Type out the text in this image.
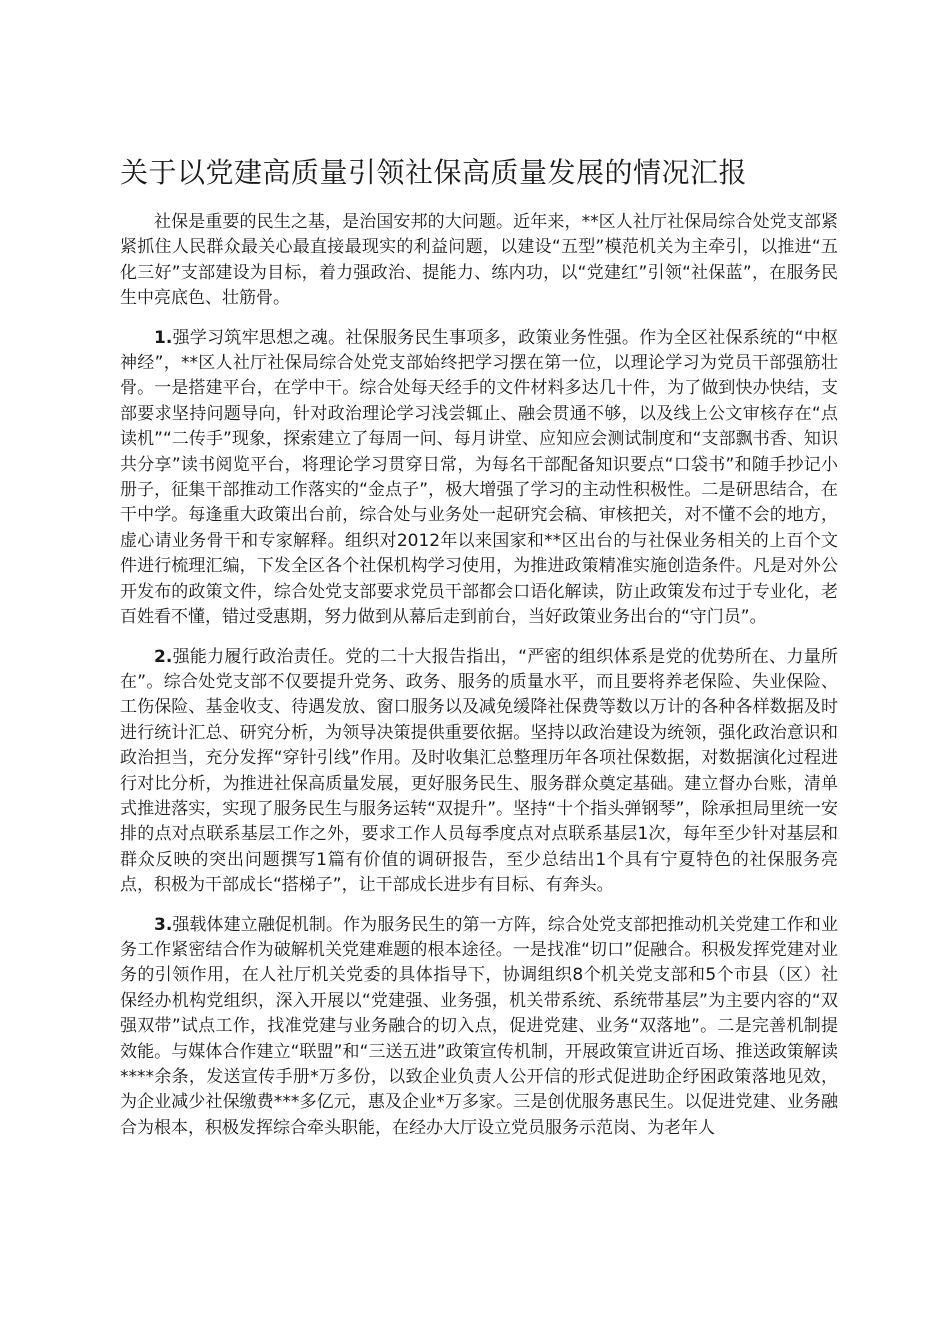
关于以党建高质量引领社保高质量发展的情况汇报

社保是重要的民生之基，是治国安邦的大问题。近年来，**区人社厅社保局综合处党支部紧紧抓住人民群众最关心最直接最现实的利益问题，以建设“五型”模范机关为主牵引，以推进“五化三好”支部建设为目标，着力强政治、提能力、练内功，以“党建红”引领“社保蓝”，在服务民生中亮底色、壮筋骨。

1.强学习筑牢思想之魂。社保服务民生事项多，政策业务性强。作为全区社保系统的“中枢神经”，**区人社厅社保局综合处党支部始终把学习摆在第一位，以理论学习为党员干部强筋壮骨。一是搭建平台，在学中干。综合处每天经手的文件材料多达几十件，为了做到快办快结，支部要求坚持问题导向，针对政治理论学习浅尝辄止、融会贯通不够，以及线上公文审核存在“点读机”“二传手”现象，探索建立了每周一问、每月讲堂、应知应会测试制度和“支部飘书香、知识共分享”读书阅览平台，将理论学习贯穿日常，为每名干部配备知识要点“口袋书”和随手抄记小册子，征集干部推动工作落实的“金点子”，极大增强了学习的主动性积极性。二是研思结合，在干中学。每逢重大政策出台前，综合处与业务处一起研究会稿、审核把关，对不懂不会的地方，虚心请业务骨干和专家解释。组织对2012年以来国家和**区出台的与社保业务相关的上百个文件进行梳理汇编，下发全区各个社保机构学习使用，为推进政策精准实施创造条件。凡是对外公开发布的政策文件，综合处党支部要求党员干部都会口语化解读，防止政策发布过于专业化，老百姓看不懂，错过受惠期，努力做到从幕后走到前台，当好政策业务出台的“守门员”。

2.强能力履行政治责任。党的二十大报告指出，“严密的组织体系是党的优势所在、力量所在”。综合处党支部不仅要提升党务、政务、服务的质量水平，而且要将养老保险、失业保险、工伤保险、基金收支、待遇发放、窗口服务以及减免缓降社保费等数以万计的各种各样数据及时进行统计汇总、研究分析，为领导决策提供重要依据。坚持以政治建设为统领，强化政治意识和政治担当，充分发挥“穿针引线”作用。及时收集汇总整理历年各项社保数据，对数据演化过程进行对比分析，为推进社保高质量发展，更好服务民生、服务群众奠定基础。建立督办台账，清单式推进落实，实现了服务民生与服务运转“双提升”。坚持“十个指头弹钢琴”，除承担局里统一安排的点对点联系基层工作之外，要求工作人员每季度点对点联系基层1次，每年至少针对基层和群众反映的突出问题撰写1篇有价值的调研报告，至少总结出1个具有宁夏特色的社保服务亮点，积极为干部成长“搭梯子”，让干部成长进步有目标、有奔头。

3.强载体建立融促机制。作为服务民生的第一方阵，综合处党支部把推动机关党建工作和业务工作紧密结合作为破解机关党建难题的根本途径。一是找准“切口”促融合。积极发挥党建对业务的引领作用，在人社厅机关党委的具体指导下，协调组织8个机关党支部和5个市县（区）社保经办机构党组织，深入开展以“党建强、业务强，机关带系统、系统带基层”为主要内容的“双强双带”试点工作，找准党建与业务融合的切入点，促进党建、业务“双落地”。二是完善机制提效能。与媒体合作建立“联盟”和“三送五进”政策宣传机制，开展政策宣讲近百场、推送政策解读****余条，发送宣传手册*万多份，以致企业负责人公开信的形式促进助企纾困政策落地见效，为企业减少社保缴费***多亿元，惠及企业*万多家。三是创优服务惠民生。以促进党建、业务融合为根本，积极发挥综合牵头职能，在经办大厅设立党员服务示范岗、为老年人
